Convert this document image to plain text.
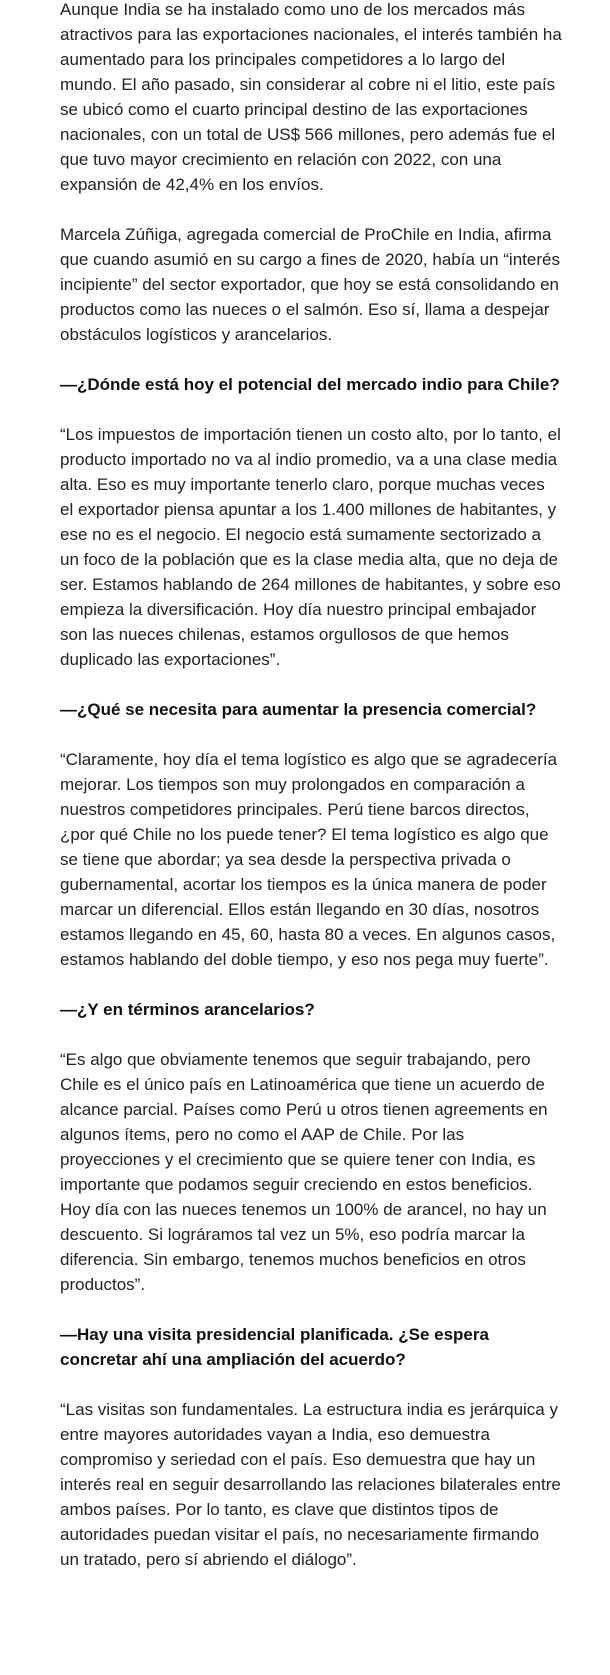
Aunque India se ha instalado como uno de los mercados más atractivos para las exportaciones nacionales, el interés también ha aumentado para los principales competidores a lo largo del mundo. El año pasado, sin considerar al cobre ni el litio, este país se ubicó como el cuarto principal destino de las exportaciones nacionales, con un total de US$ 566 millones, pero además fue el que tuvo mayor crecimiento en relación con 2022, con una expansión de 42,4% en los envíos.

Marcela Zúñiga, agregada comercial de ProChile en India, afirma que cuando asumió en su cargo a fines de 2020, había un “interés incipiente” del sector exportador, que hoy se está consolidando en productos como las nueces o el salmón. Eso sí, llama a despejar obstáculos logísticos y arancelarios.

—¿Dónde está hoy el potencial del mercado indio para Chile?

“Los impuestos de importación tienen un costo alto, por lo tanto, el producto importado no va al indio promedio, va a una clase media alta. Eso es muy importante tenerlo claro, porque muchas veces el exportador piensa apuntar a los 1.400 millones de habitantes, y ese no es el negocio. El negocio está sumamente sectorizado a un foco de la población que es la clase media alta, que no deja de ser. Estamos hablando de 264 millones de habitantes, y sobre eso empieza la diversificación. Hoy día nuestro principal embajador son las nueces chilenas, estamos orgullosos de que hemos duplicado las exportaciones”.

—¿Qué se necesita para aumentar la presencia comercial?

“Claramente, hoy día el tema logístico es algo que se agradecería mejorar. Los tiempos son muy prolongados en comparación a nuestros competidores principales. Perú tiene barcos directos, ¿por qué Chile no los puede tener? El tema logístico es algo que se tiene que abordar; ya sea desde la perspectiva privada o gubernamental, acortar los tiempos es la única manera de poder marcar un diferencial. Ellos están llegando en 30 días, nosotros estamos llegando en 45, 60, hasta 80 a veces. En algunos casos, estamos hablando del doble tiempo, y eso nos pega muy fuerte”.

—¿Y en términos arancelarios?

“Es algo que obviamente tenemos que seguir trabajando, pero Chile es el único país en Latinoamérica que tiene un acuerdo de alcance parcial. Países como Perú u otros tienen agreements en algunos ítems, pero no como el AAP de Chile. Por las proyecciones y el crecimiento que se quiere tener con India, es importante que podamos seguir creciendo en estos beneficios. Hoy día con las nueces tenemos un 100% de arancel, no hay un descuento. Si lográramos tal vez un 5%, eso podría marcar la diferencia. Sin embargo, tenemos muchos beneficios en otros productos”.

—Hay una visita presidencial planificada. ¿Se espera concretar ahí una ampliación del acuerdo?

“Las visitas son fundamentales. La estructura india es jerárquica y entre mayores autoridades vayan a India, eso demuestra compromiso y seriedad con el país. Eso demuestra que hay un interés real en seguir desarrollando las relaciones bilaterales entre ambos países. Por lo tanto, es clave que distintos tipos de autoridades puedan visitar el país, no necesariamente firmando un tratado, pero sí abriendo el diálogo”.
